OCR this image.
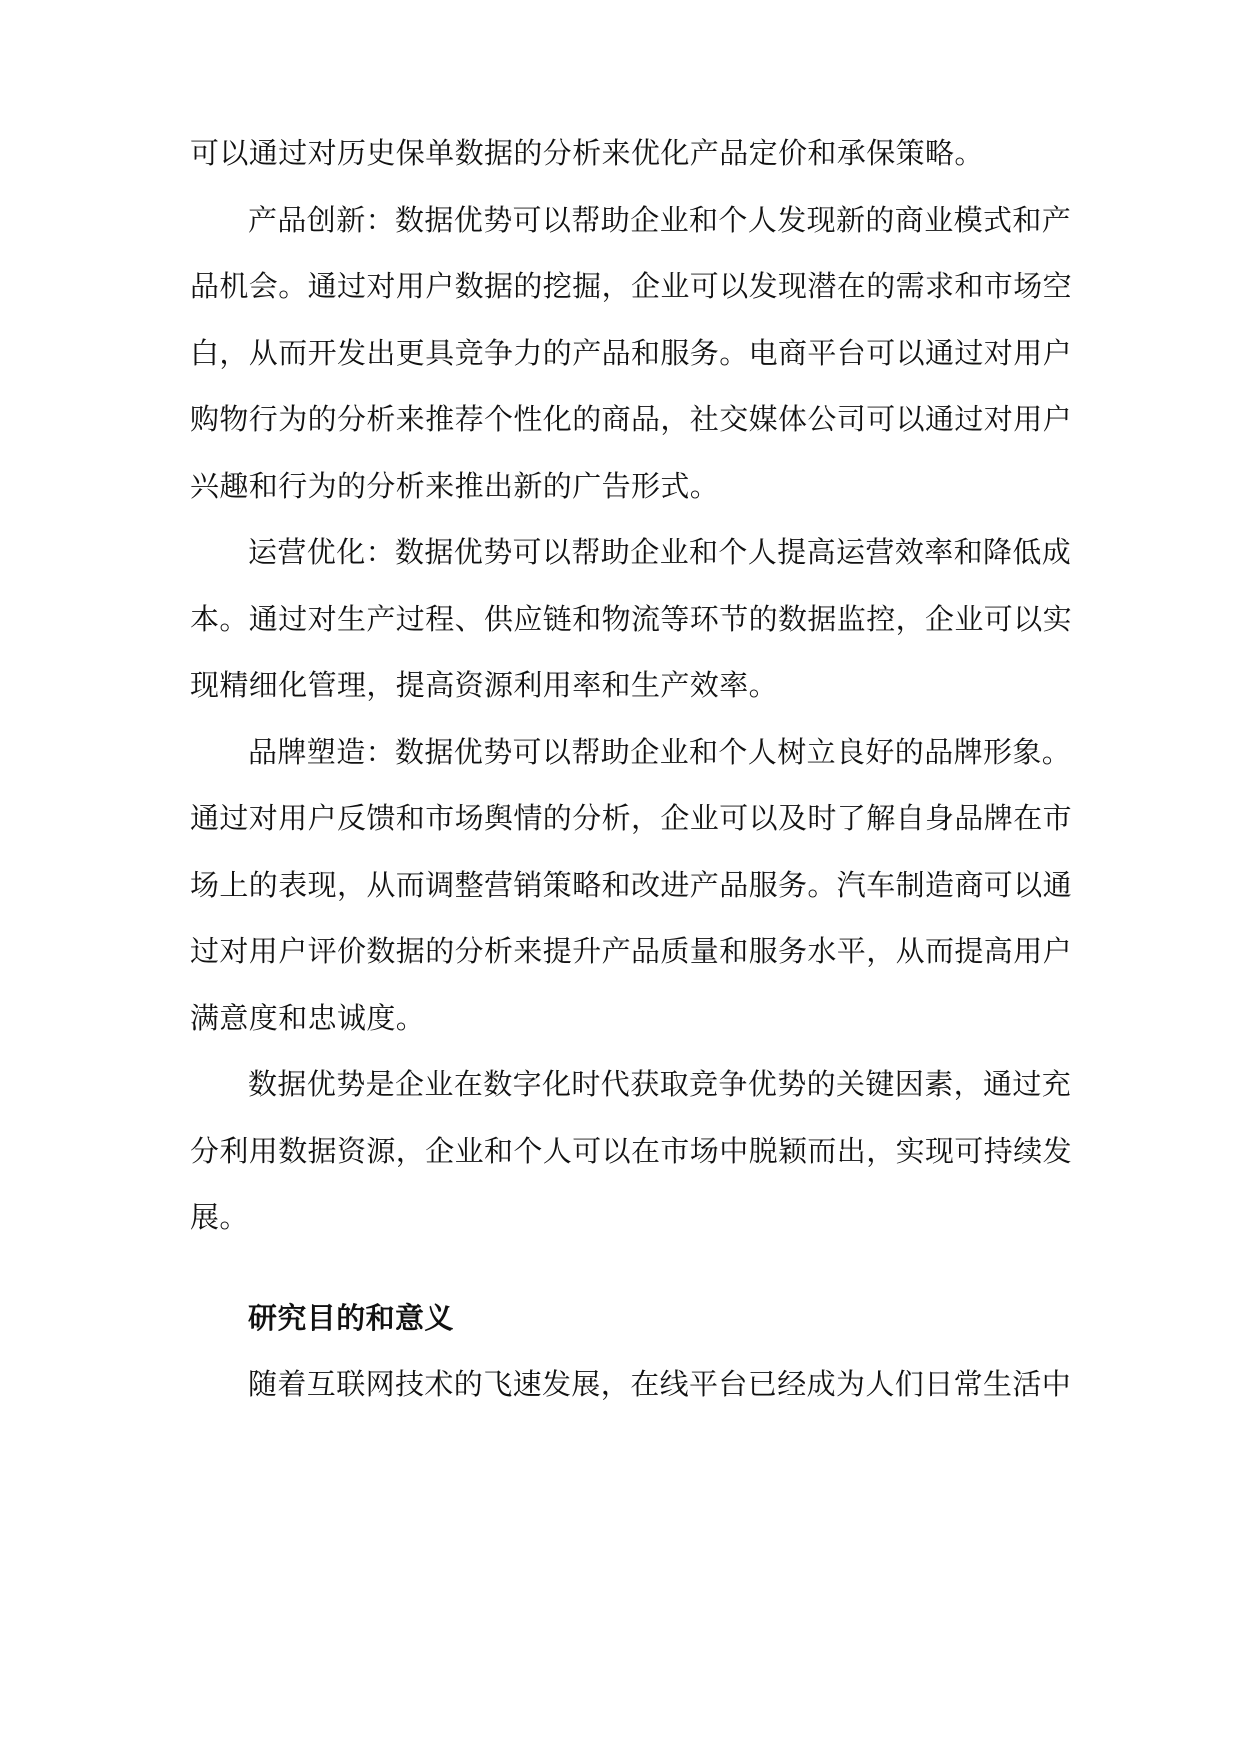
可以通过对历史保单数据的分析来优化产品定价和承保策略。
产品创新：数据优势可以帮助企业和个人发现新的商业模式和产
品机会。通过对用户数据的挖掘，企业可以发现潜在的需求和市场空
白，从而开发出更具竞争力的产品和服务。电商平台可以通过对用户
购物行为的分析来推荐个性化的商品，社交媒体公司可以通过对用户
兴趣和行为的分析来推出新的广告形式。
运营优化：数据优势可以帮助企业和个人提高运营效率和降低成
本。通过对生产过程、供应链和物流等环节的数据监控，企业可以实
现精细化管理，提高资源利用率和生产效率。
品牌塑造：数据优势可以帮助企业和个人树立良好的品牌形象。
通过对用户反馈和市场舆情的分析，企业可以及时了解自身品牌在市
场上的表现，从而调整营销策略和改进产品服务。汽车制造商可以通
过对用户评价数据的分析来提升产品质量和服务水平，从而提高用户
满意度和忠诚度。
数据优势是企业在数字化时代获取竞争优势的关键因素，通过充
分利用数据资源，企业和个人可以在市场中脱颖而出，实现可持续发
展。
研究目的和意义
随着互联网技术的飞速发展，在线平台已经成为人们日常生活中
